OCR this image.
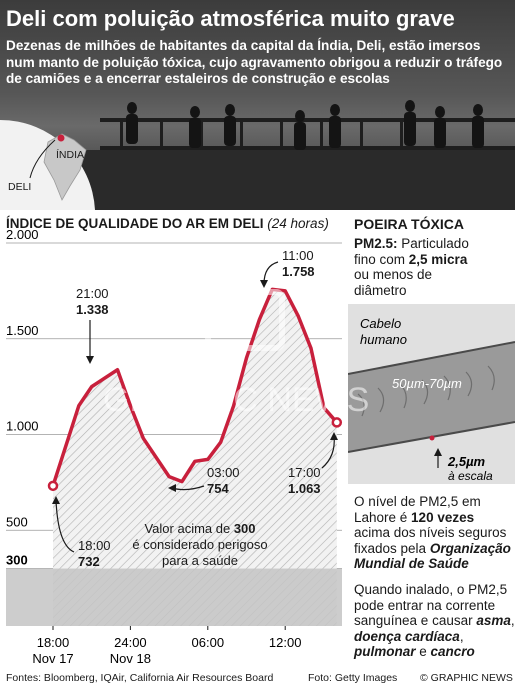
ÍNDIA
DELI
Deli com poluição atmosférica muito grave
Dezenas de milhões de habitantes da capital da Índia, Deli, estão imersos num manto de poluição tóxica, cujo agravamento obrigou a reduzir o tráfego de camiões e a encerrar estaleiros de construção e escolas
ÍNDICE DE QUALIDADE DO AR EM DELI (24 horas)
2.000
1.500
1.000
500
300
18:00	24:00	06:00	12:00
Nov 17	Nov 18
21:00
1.338
11:00
1.758
03:00
754
17:00
1.063
18:00
732
Valor acima de 300
é considerado perigoso
para a saúde
POEIRA TÓXICA
PM2.5: Particulado
fino com 2,5 micra
ou menos de
diâmetro
Cabelo
humano
50µm-70µm
2,5µm
à escala
O nível de PM2,5 em
Lahore é 120 vezes
acima dos níveis seguros
fixados pela Organização
Mundial de Saúde
Quando inalado, o PM2,5
pode entrar na corrente
sanguínea e causar asma,
doença cardíaca,
pulmonar e cancro
GRAPHIC NEWS
Fontes: Bloomberg, IQAir, California Air Resources Board	Foto: Getty Images © GRAPHIC NEWS
